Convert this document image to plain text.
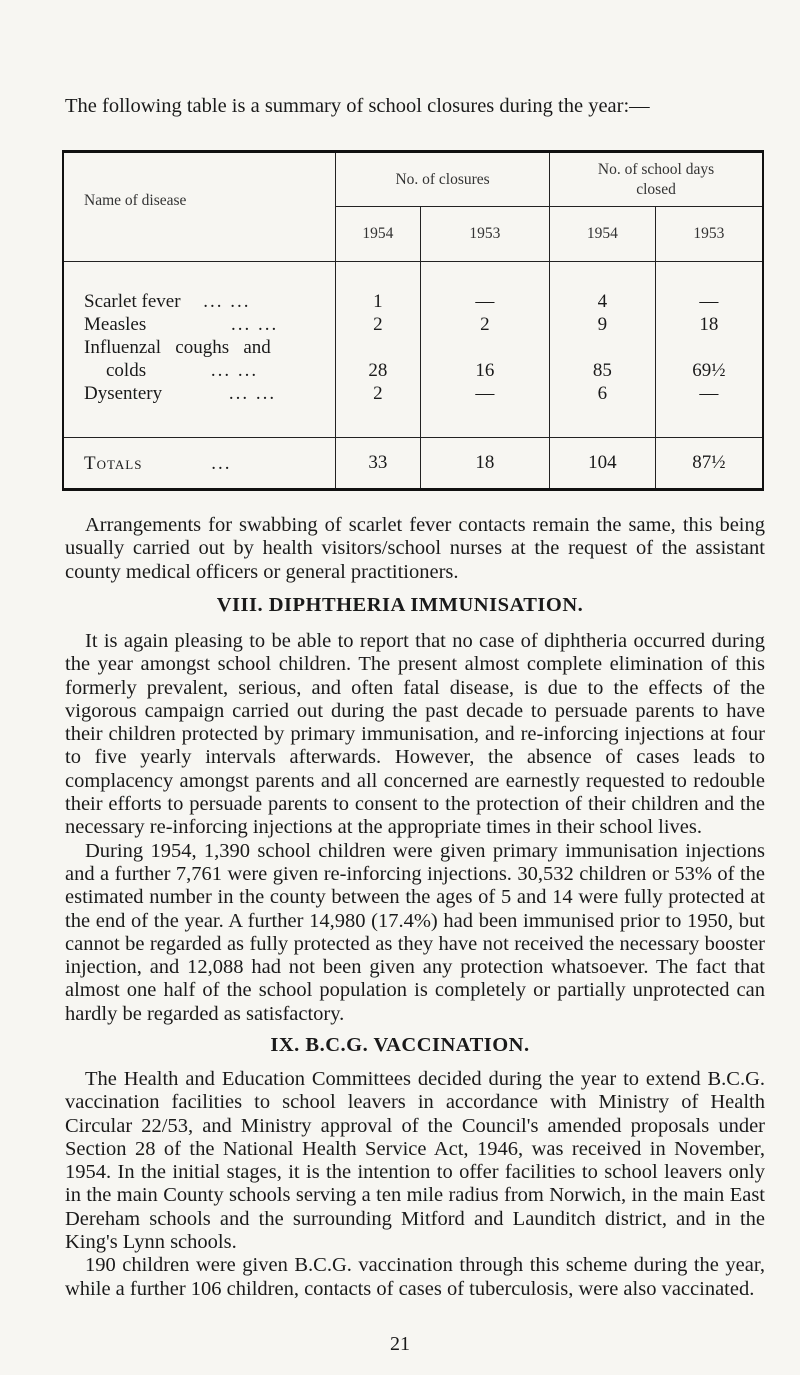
The following table is a summary of school closures during the year:—

Name of disease	No. of closures		No. of school days closed	
	1954	1953	1954	1953
Scarlet fever ... ...	1	—	4	—
Measles ... ...	2	2	9	18

Influenzal   coughs   and
colds ... ...	28	16	85	69½
Dysentery ... ...	2	—	6	—
Totals ...	33	18	104	87½

Arrangements for swabbing of scarlet fever contacts remain the same, this being usually carried out by health visitors/school nurses at the request of the assistant county medical officers or general practitioners.

VIII. DIPHTHERIA IMMUNISATION.

It is again pleasing to be able to report that no case of diphtheria occurred during the year amongst school children. The present almost complete elimination of this formerly prevalent, serious, and often fatal disease, is due to the effects of the vigorous campaign carried out during the past decade to persuade parents to have their children protected by primary immunisation, and re-inforcing injections at four to five yearly intervals afterwards. However, the absence of cases leads to complacency amongst parents and all concerned are earnestly requested to redouble their efforts to persuade parents to consent to the protection of their children and the necessary re-inforcing injections at the appropriate times in their school lives.

During 1954, 1,390 school children were given primary immunisation injections and a further 7,761 were given re-inforcing injections. 30,532 children or 53% of the estimated number in the county between the ages of 5 and 14 were fully protected at the end of the year. A further 14,980 (17.4%) had been immunised prior to 1950, but cannot be regarded as fully protected as they have not received the necessary booster injection, and 12,088 had not been given any protection whatsoever. The fact that almost one half of the school population is completely or partially unprotected can hardly be regarded as satisfactory.

IX. B.C.G. VACCINATION.

The Health and Education Committees decided during the year to extend B.C.G. vaccination facilities to school leavers in accordance with Ministry of Health Circular 22/53, and Ministry approval of the Council's amended proposals under Section 28 of the National Health Service Act, 1946, was received in November, 1954. In the initial stages, it is the intention to offer facilities to school leavers only in the main County schools serving a ten mile radius from Norwich, in the main East Dereham schools and the surrounding Mitford and Launditch district, and in the King's Lynn schools.

190 children were given B.C.G. vaccination through this scheme during the year, while a further 106 children, contacts of cases of tuberculosis, were also vaccinated.

21
